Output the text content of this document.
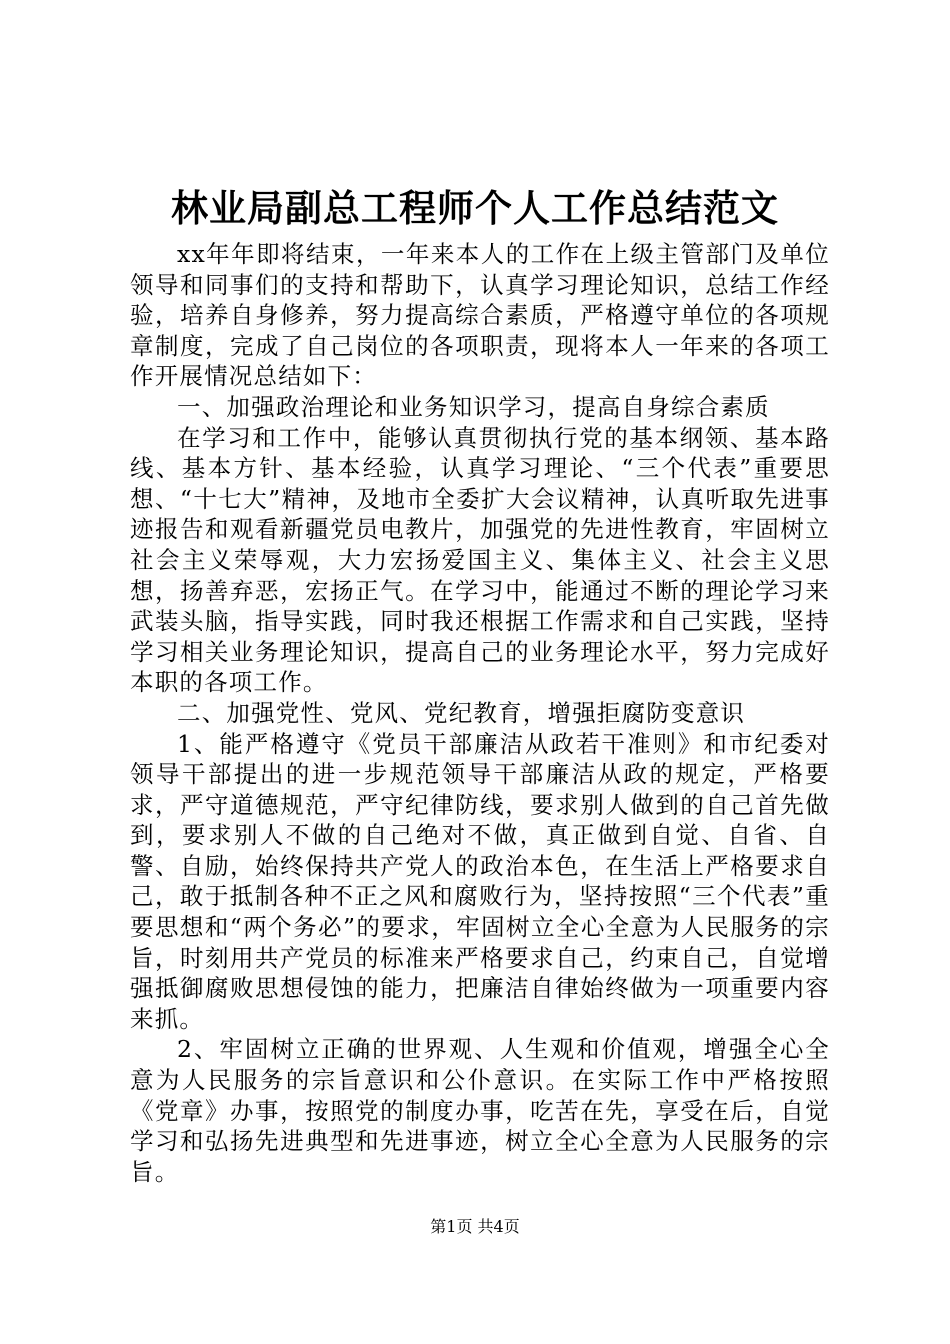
林业局副总工程师个人工作总结范文

xx年年即将结束，一年来本人的工作在上级主管部门及单位领导和同事们的支持和帮助下，认真学习理论知识，总结工作经验，培养自身修养，努力提高综合素质，严格遵守单位的各项规章制度，完成了自己岗位的各项职责，现将本人一年来的各项工作开展情况总结如下：

一、加强政治理论和业务知识学习，提高自身综合素质

在学习和工作中，能够认真贯彻执行党的基本纲领、基本路线、基本方针、基本经验，认真学习理论、“三个代表”重要思想、“十七大”精神，及地市全委扩大会议精神，认真听取先进事迹报告和观看新疆党员电教片，加强党的先进性教育，牢固树立社会主义荣辱观，大力宏扬爱国主义、集体主义、社会主义思想，扬善弃恶，宏扬正气。在学习中，能通过不断的理论学习来武装头脑，指导实践，同时我还根据工作需求和自己实践，坚持学习相关业务理论知识，提高自己的业务理论水平，努力完成好本职的各项工作。

二、加强党性、党风、党纪教育，增强拒腐防变意识

1、能严格遵守《党员干部廉洁从政若干准则》和市纪委对领导干部提出的进一步规范领导干部廉洁从政的规定，严格要求，严守道德规范，严守纪律防线，要求别人做到的自己首先做到，要求别人不做的自己绝对不做，真正做到自觉、自省、自警、自励，始终保持共产党人的政治本色，在生活上严格要求自己，敢于抵制各种不正之风和腐败行为，坚持按照“三个代表”重要思想和“两个务必”的要求，牢固树立全心全意为人民服务的宗旨，时刻用共产党员的标准来严格要求自己，约束自己，自觉增强抵御腐败思想侵蚀的能力，把廉洁自律始终做为一项重要内容来抓。

2、牢固树立正确的世界观、人生观和价值观，增强全心全意为人民服务的宗旨意识和公仆意识。在实际工作中严格按照《党章》办事，按照党的制度办事，吃苦在先，享受在后，自觉学习和弘扬先进典型和先进事迹，树立全心全意为人民服务的宗旨。

第1页 共4页
